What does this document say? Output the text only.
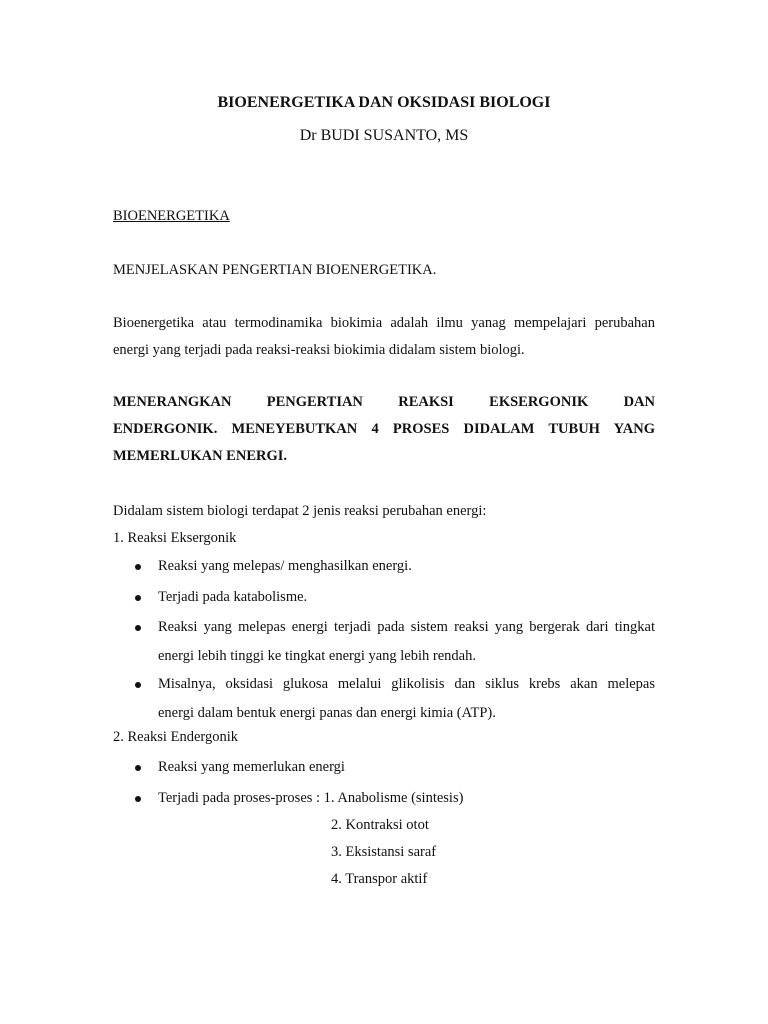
BIOENERGETIKA DAN OKSIDASI BIOLOGI
Dr BUDI SUSANTO, MS
BIOENERGETIKA
MENJELASKAN PENGERTIAN BIOENERGETIKA.
Bioenergetika atau termodinamika biokimia adalah ilmu yanag mempelajari perubahan
energi yang terjadi pada reaksi-reaksi biokimia didalam sistem biologi.
MENERANGKAN PENGERTIAN REAKSI EKSERGONIK DAN
ENDERGONIK. MENEYEBUTKAN 4 PROSES DIDALAM TUBUH YANG
MEMERLUKAN ENERGI.
Didalam sistem biologi terdapat 2 jenis reaksi perubahan energi:
1. Reaksi Eksergonik
Reaksi yang melepas/ menghasilkan energi.
Terjadi pada katabolisme.
Reaksi yang melepas energi terjadi pada sistem reaksi yang bergerak dari tingkat
energi lebih tinggi ke tingkat energi yang lebih rendah.
Misalnya, oksidasi glukosa melalui glikolisis dan siklus krebs akan melepas
energi dalam bentuk energi panas dan energi kimia (ATP).
2. Reaksi Endergonik
Reaksi yang memerlukan energi
Terjadi pada proses-proses : 1. Anabolisme (sintesis)
2. Kontraksi otot
3. Eksistansi saraf
4. Transpor aktif
